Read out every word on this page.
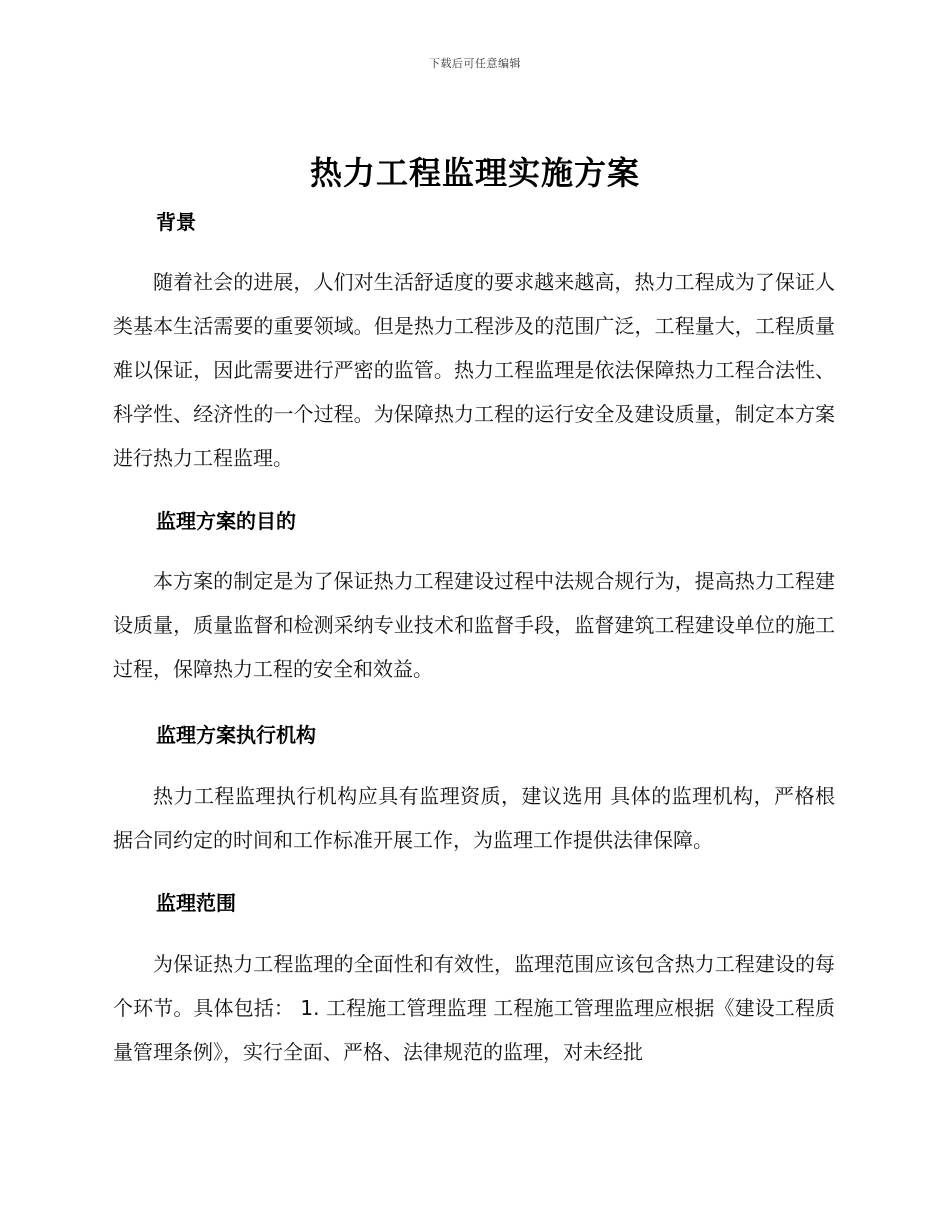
下载后可任意编辑
热力工程监理实施方案
背景

随着社会的进展，人们对生活舒适度的要求越来越高，热力工程成为了保证人类基本生活需要的重要领域。但是热力工程涉及的范围广泛，工程量大，工程质量难以保证，因此需要进行严密的监管。热力工程监理是依法保障热力工程合法性、科学性、经济性的一个过程。为保障热力工程的运行安全及建设质量，制定本方案进行热力工程监理。

监理方案的目的

本方案的制定是为了保证热力工程建设过程中法规合规行为，提高热力工程建设质量，质量监督和检测采纳专业技术和监督手段，监督建筑工程建设单位的施工过程，保障热力工程的安全和效益。

监理方案执行机构

热力工程监理执行机构应具有监理资质，建议选用 具体的监理机构，严格根据合同约定的时间和工作标准开展工作，为监理工作提供法律保障。

监理范围

为保证热力工程监理的全面性和有效性，监理范围应该包含热力工程建设的每个环节。具体包括： 1. 工程施工管理监理 工程施工管理监理应根据《建设工程质量管理条例》，实行全面、严格、法律规范的监理，对未经批
